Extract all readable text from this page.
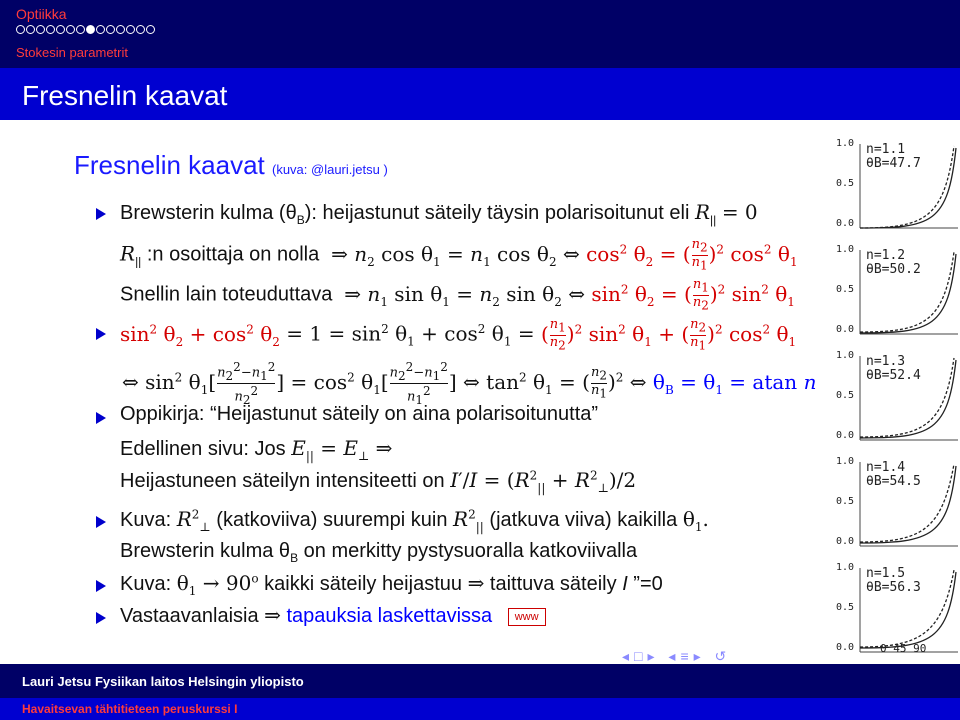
Optiikka
Stokesin parametrit
Fresnelin kaavat
Fresnelin kaavat (kuva: @lauri.jetsu )
Brewsterin kulma $(\theta_B)$: heijastunut säteily täysin polarisoitunut eli $R_{||} = 0$
$R_{||}$ :n osoittaja on nolla  ⇒ $n_2$ $\cos \theta_1 = n_1$ $\cos \theta_2$ ⇔ $\cos^2 \theta_2$ = ( $\frac{n_2}{n_1} )^2$ $\cos^2 \theta_1$
Snellin lain toteuduttava  ⇒ $n_1$ $\sin \theta_1 = n_2$ $\sin \theta_2$ ⇔ $\sin^2 \theta_2$ = ( $\frac{n_1}{n_2} )^2$ $\sin^2 \theta_1$
$\sin^2 \theta_2 + \cos^2 \theta_2 = 1 = \sin^2 \theta_1 + \cos^2 \theta_1$ = ( $\frac{n_1}{n_2} )^2$ $\sin^2 \theta_1$ + ( $\frac{n_2}{n_1} )^2$ $\cos^2 \theta_1$
⇔ $\sin^2 \theta_1[ \frac{n_2^2-n_1^2}{n_2^2}$ ] = $\cos^2 \theta_1[ \frac{n_2^2-n_1^2}{n_1^2}$ ] ⇔ $\tan^2 \theta_1$ = ( $\frac{n_2}{n_1} )^2$ ⇔ $\theta_B = \theta_1 = atan$ n
Oppikirja: “Heijastunut säteily on aina polarisoitunutta”
Edellinen sivu: Jos $E_{||} = E_\perp$ ⇒
Heijastuneen säteilyn intensiteetti on $I'/I = (R^2_{||} + R^2_\perp)/2$
Kuva: $R^2_\perp$ (katkoviiva) suurempi kuin $R^2_{||}$ (jatkuva viiva) kaikilla $\theta_1$.
Brewsterin kulma $\theta_B$ on merkitty pystysuoralla katkoviivalla
Kuva: $\theta_1 \to 90^o$ kaikki säteily heijastuu ⇒ taittuva säteily I ”=0
Vastaavanlaisia ⇒ tapauksia laskettavissa www
1.0
0.5
0.0
n=1.1
θB=47.7
1.0
0.5
0.0
n=1.2
θB=50.2
1.0
0.5
0.0
n=1.3
θB=52.4
1.0
0.5
0.0
n=1.4
θB=54.5
1.0
0.5
0.0
n=1.5
θB=56.3
0 45 90
◂□▸ ◂≡▸ ↺
Lauri Jetsu Fysiikan laitos Helsingin yliopisto
Havaitsevan tähtitieteen peruskurssi I
